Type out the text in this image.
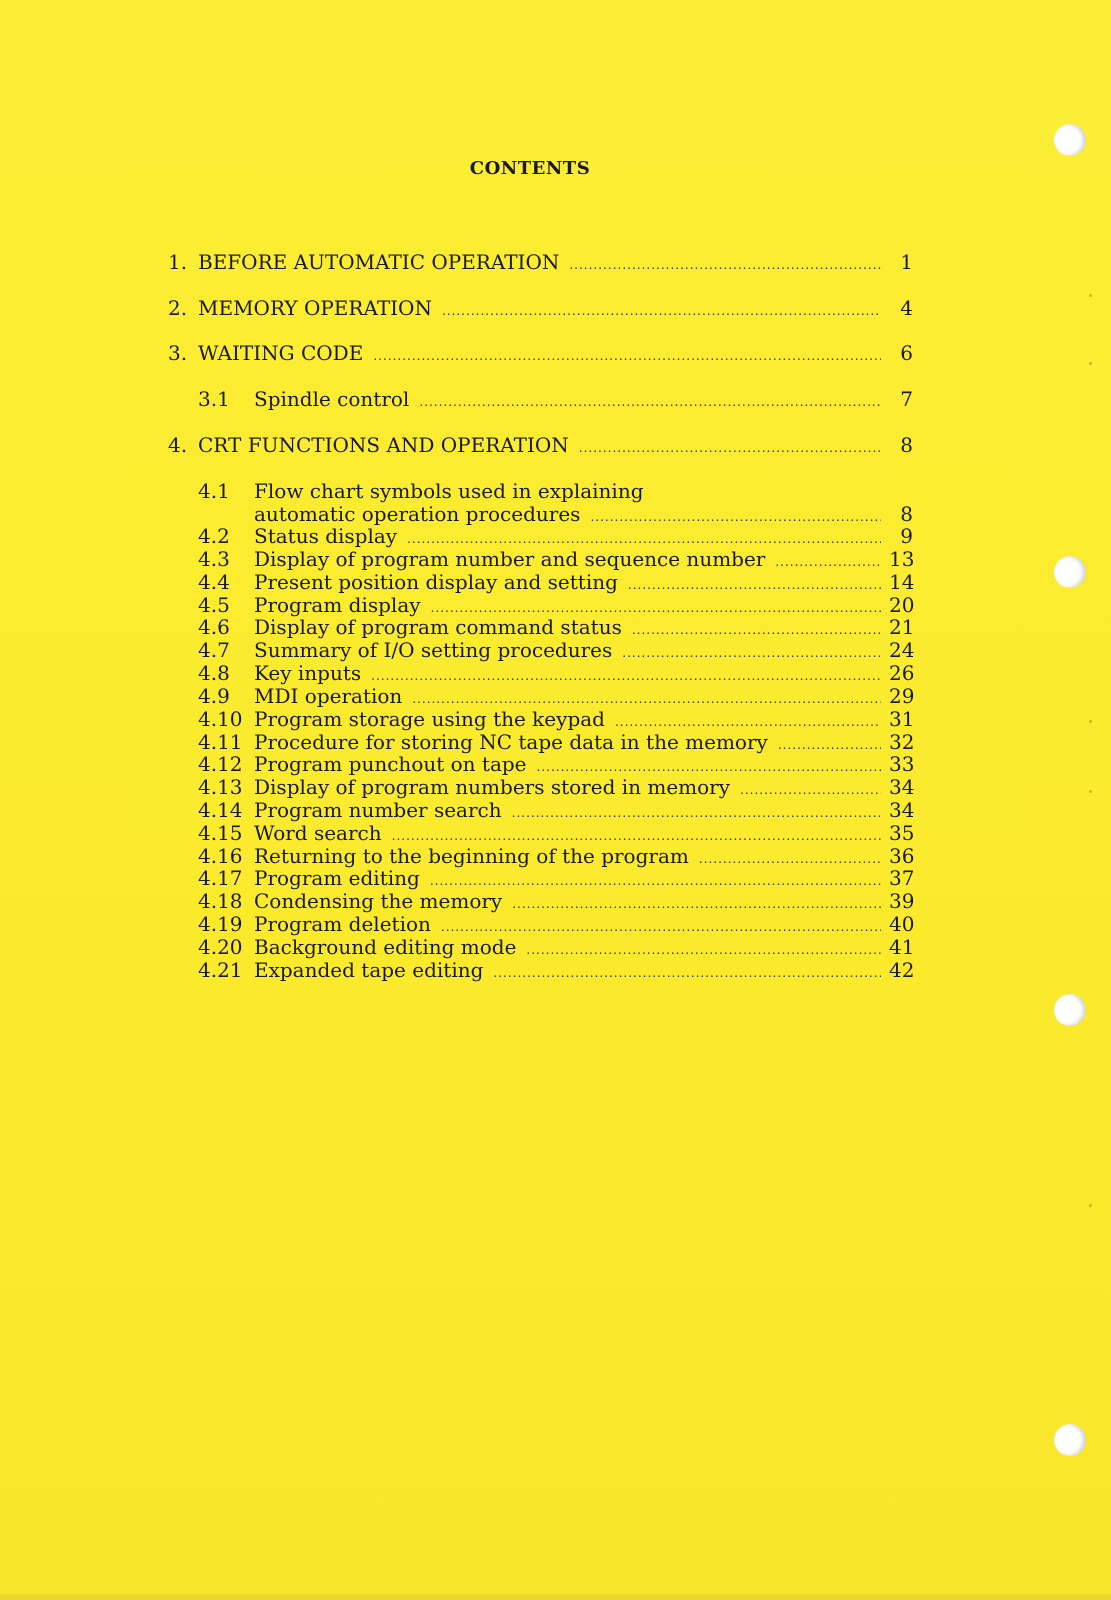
CONTENTS
1. BEFORE AUTOMATIC OPERATION .....	1
2. MEMORY OPERATION .....	4
3. WAITING CODE .....	6
3.1	Spindle control .....	7
4. CRT FUNCTIONS AND OPERATION .....	8
4.1 Flow chart symbols used in explaining
automatic operation procedures .....	8
4.2	Status display .....	9
4.3	Display of program number and sequence number .....	13
4.4	Present position display and setting .....	14
4.5	Program display .....	20
4.6	Display of program command status .....	21
4.7	Summary of I/O setting procedures .....	24
4.8	Key inputs .....	26
4.9	MDI operation .....	29
4.10 Program storage using the keypad .....	31
4.11 Procedure for storing NC tape data in the memory .....	32
4.12 Program punchout on tape .....	33
4.13 Display of program numbers stored in memory .....	34
4.14 Program number search .....	34
4.15 Word search .....	35
4.16 Returning to the beginning of the program .....	36
4.17 Program editing .....	37
4.18 Condensing the memory .....	39
4.19 Program deletion .....	40
4.20 Background editing mode .....	41
4.21 Expanded tape editing .....	42
